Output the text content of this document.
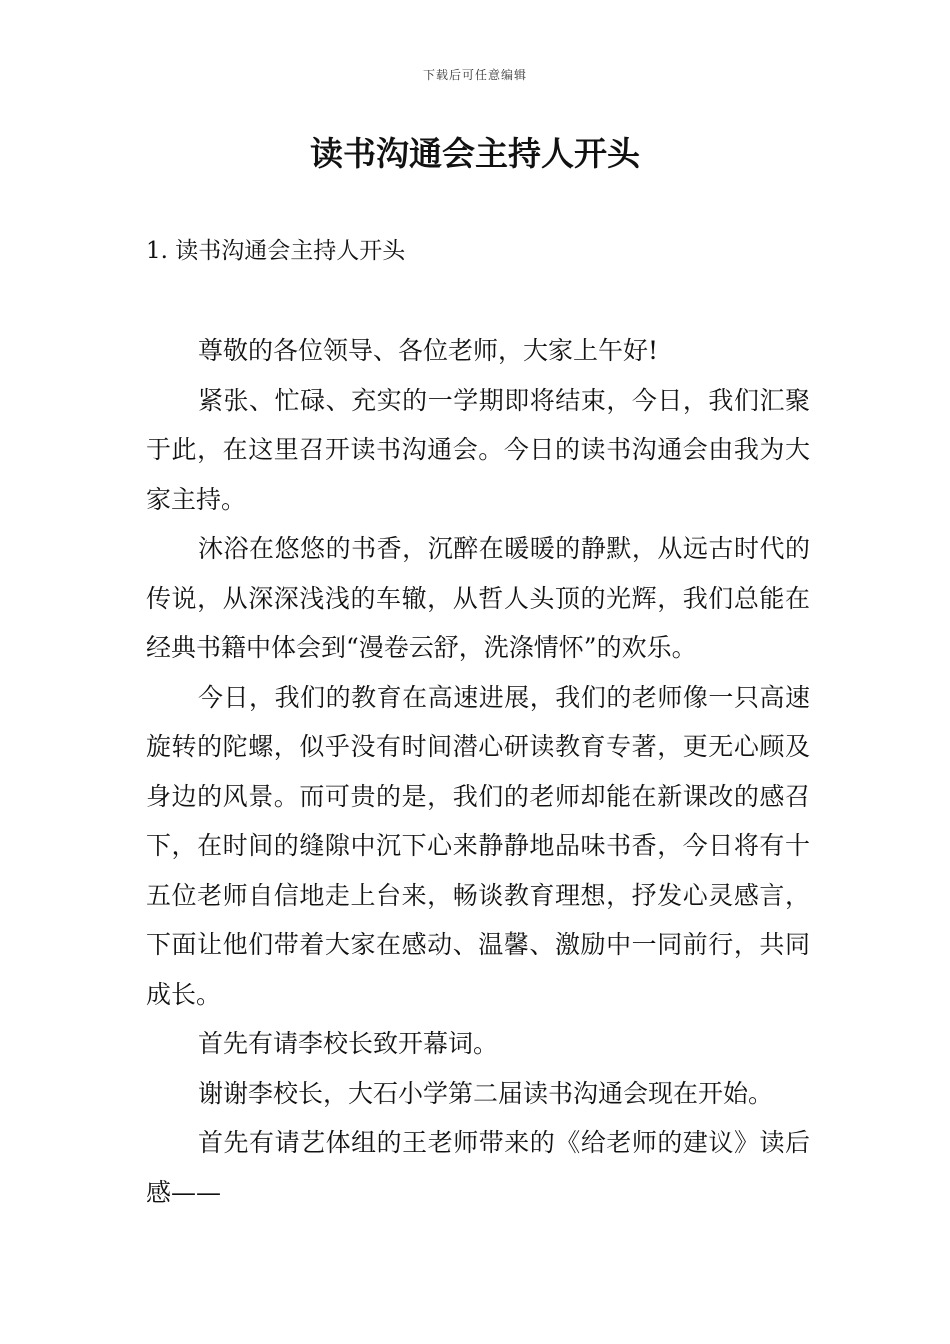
下载后可任意编辑
读书沟通会主持人开头
1. 读书沟通会主持人开头

尊敬的各位领导、各位老师，大家上午好!

紧张、忙碌、充实的一学期即将结束，今日，我们汇聚于此，在这里召开读书沟通会。今日的读书沟通会由我为大家主持。

沐浴在悠悠的书香，沉醉在暖暖的静默，从远古时代的传说，从深深浅浅的车辙，从哲人头顶的光辉，我们总能在经典书籍中体会到“漫卷云舒，洗涤情怀”的欢乐。

今日，我们的教育在高速进展，我们的老师像一只高速旋转的陀螺，似乎没有时间潜心研读教育专著，更无心顾及身边的风景。而可贵的是，我们的老师却能在新课改的感召下，在时间的缝隙中沉下心来静静地品味书香，今日将有十五位老师自信地走上台来，畅谈教育理想，抒发心灵感言，下面让他们带着大家在感动、温馨、激励中一同前行，共同成长。

首先有请李校长致开幕词。

谢谢李校长，大石小学第二届读书沟通会现在开始。

首先有请艺体组的王老师带来的《给老师的建议》读后感——
